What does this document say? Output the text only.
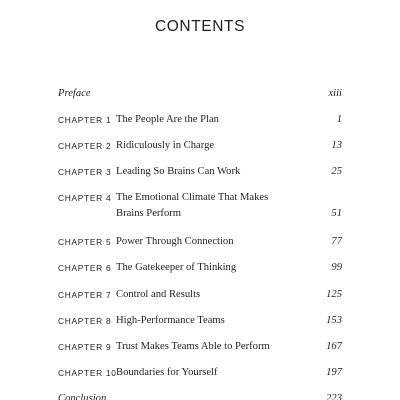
CONTENTS
Preface	xiii
CHAPTER 1 The People Are the Plan	1
CHAPTER 2 Ridiculously in Charge	13
CHAPTER 3 Leading So Brains Can Work	25
CHAPTER 4 The Emotional Climate That Makes
Brains Perform	51
CHAPTER 5 Power Through Connection	77
CHAPTER 6 The Gatekeeper of Thinking	99
CHAPTER 7 Control and Results	125
CHAPTER 8 High-Performance Teams	153
CHAPTER 9 Trust Makes Teams Able to Perform	167
CHAPTER 10 Boundaries for Yourself	197
Conclusion	223
